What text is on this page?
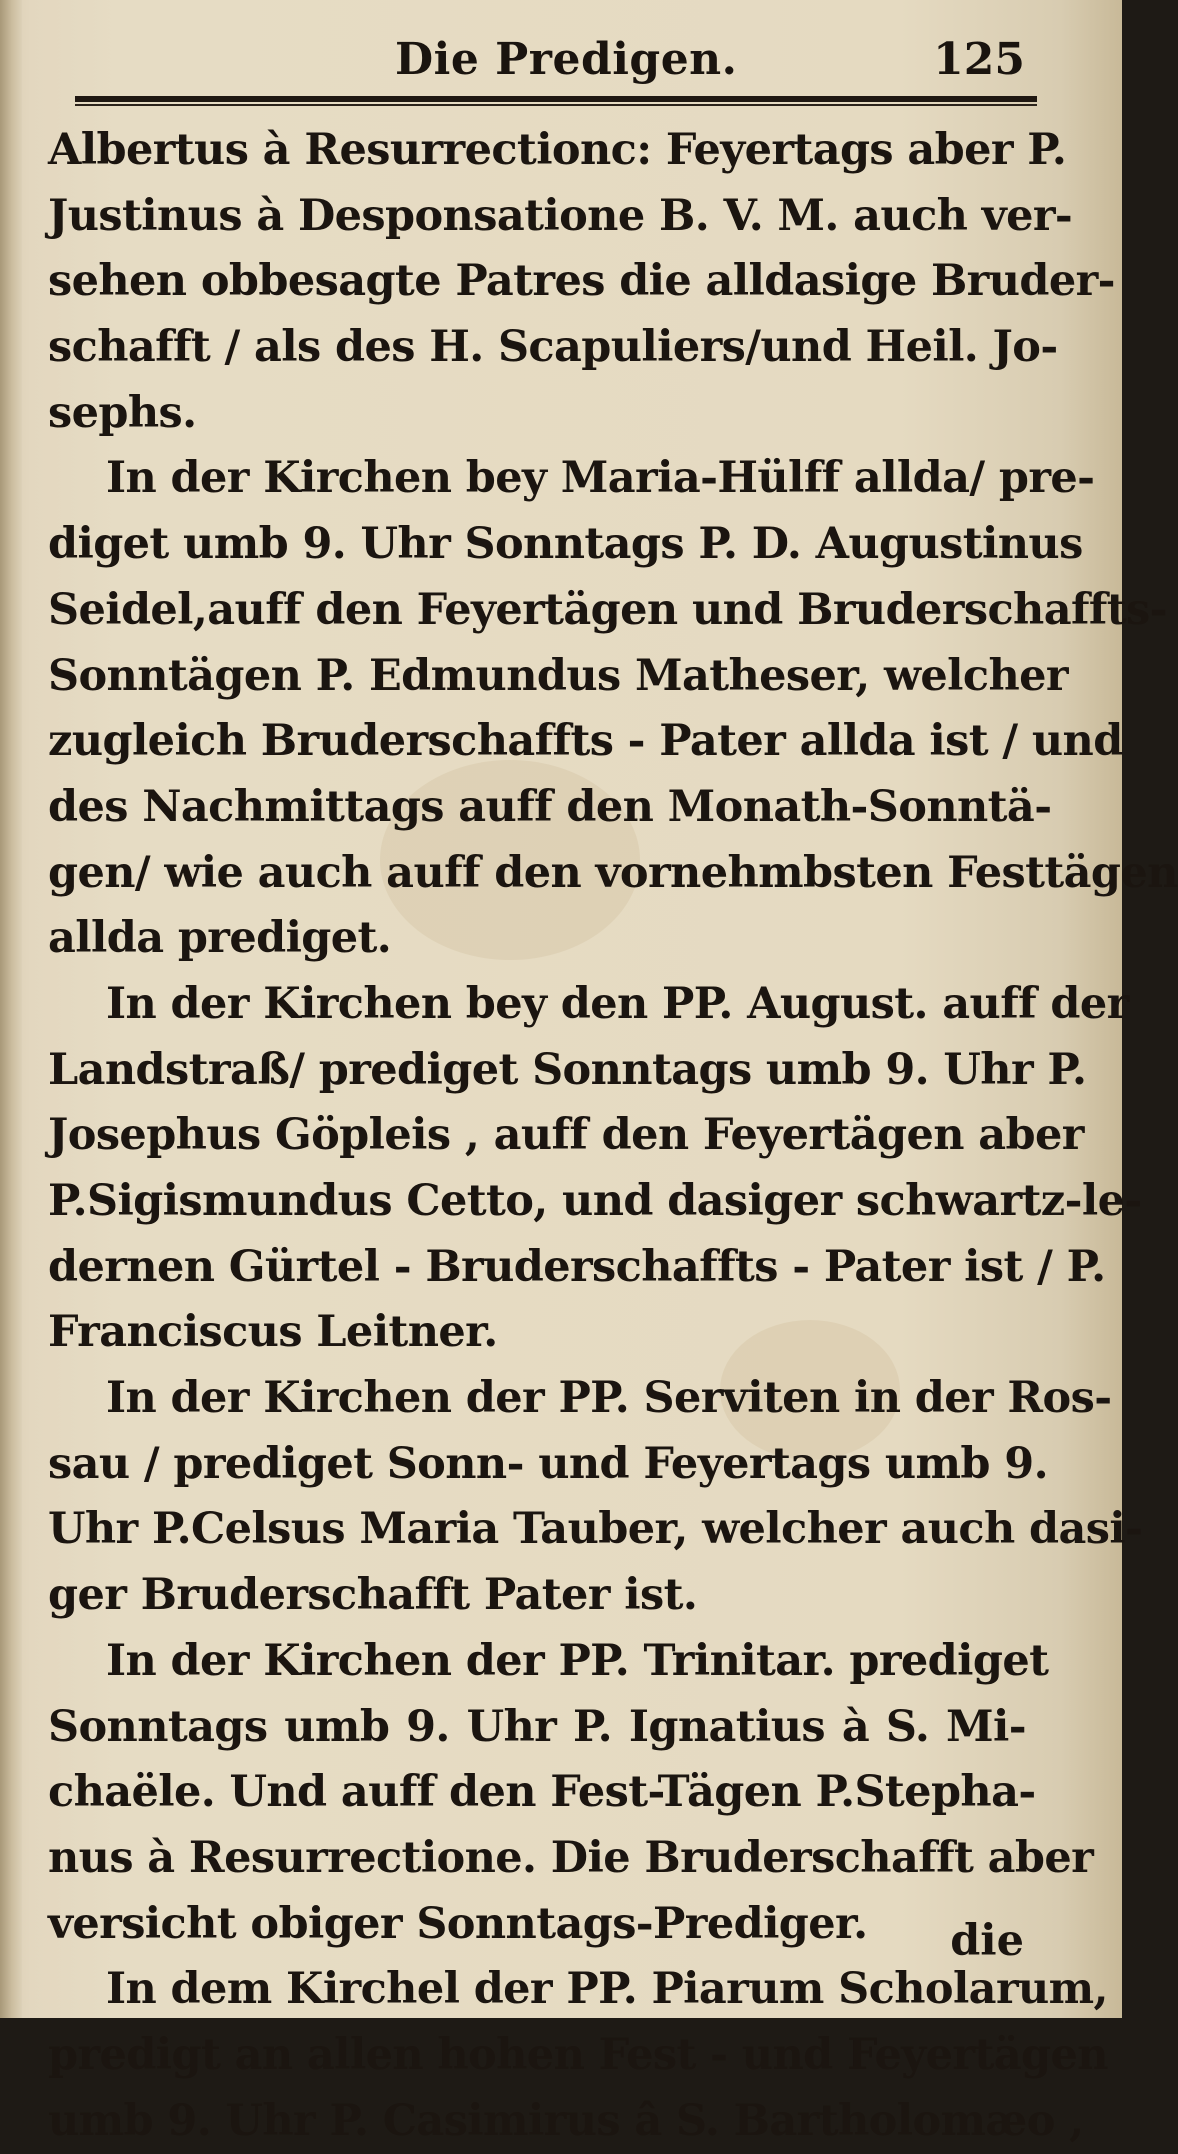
Die Predigen.	125
Albertus à Resurrectionc: Feyertags aber P.
Justinus à Desponsatione B. V. M. auch ver-
sehen obbesagte Patres die alldasige Bruder-
schafft / als des H. Scapuliers/und Heil. Jo-
sephs.
In der Kirchen bey Maria-Hülff allda/ pre-
diget umb 9. Uhr Sonntags P. D. Augustinus
Seidel,auff den Feyertägen und Bruderschaffts-
Sonntägen P. Edmundus Matheser, welcher
zugleich Bruderschaffts - Pater allda ist / und
des Nachmittags auff den Monath-Sonntä-
gen/ wie auch auff den vornehmbsten Festtägen
allda prediget.
In der Kirchen bey den PP. August. auff der
Landstraß/ prediget Sonntags umb 9. Uhr P.
Josephus Göpleis , auff den Feyertägen aber
P.Sigismundus Cetto, und dasiger schwartz-le-
dernen Gürtel - Bruderschaffts - Pater ist / P.
Franciscus Leitner.
In der Kirchen der PP. Serviten in der Ros-
sau / prediget Sonn- und Feyertags umb 9.
Uhr P.Celsus Maria Tauber, welcher auch dasi-
ger Bruderschafft Pater ist.
In der Kirchen der PP. Trinitar. prediget
Sonntags umb 9. Uhr P. Ignatius à S. Mi-
chaële. Und auff den Fest-Tägen P.Stepha-
nus à Resurrectione. Die Bruderschafft aber
versicht obiger Sonntags-Prediger.
In dem Kirchel der PP. Piarum Scholarum,
predigt an allen hohen Fest - und Feyertägen
umb 9. Uhr P. Casimirus â S. Bartholomæo ,
die
